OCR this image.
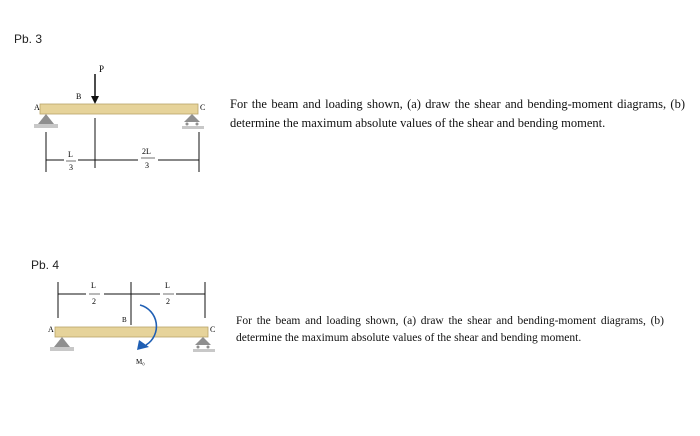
Pb. 3
P
B
A	C
L
3
2L
3
For the beam and loading shown, (a) draw the shear and bending-moment diagrams, (b) determine the maximum absolute values of the shear and bending moment.
Pb. 4
L
2
L
2
B
A	C
M₀
For the beam and loading shown, (a) draw the shear and bending-moment diagrams, (b) determine the maximum absolute values of the shear and bending moment.
